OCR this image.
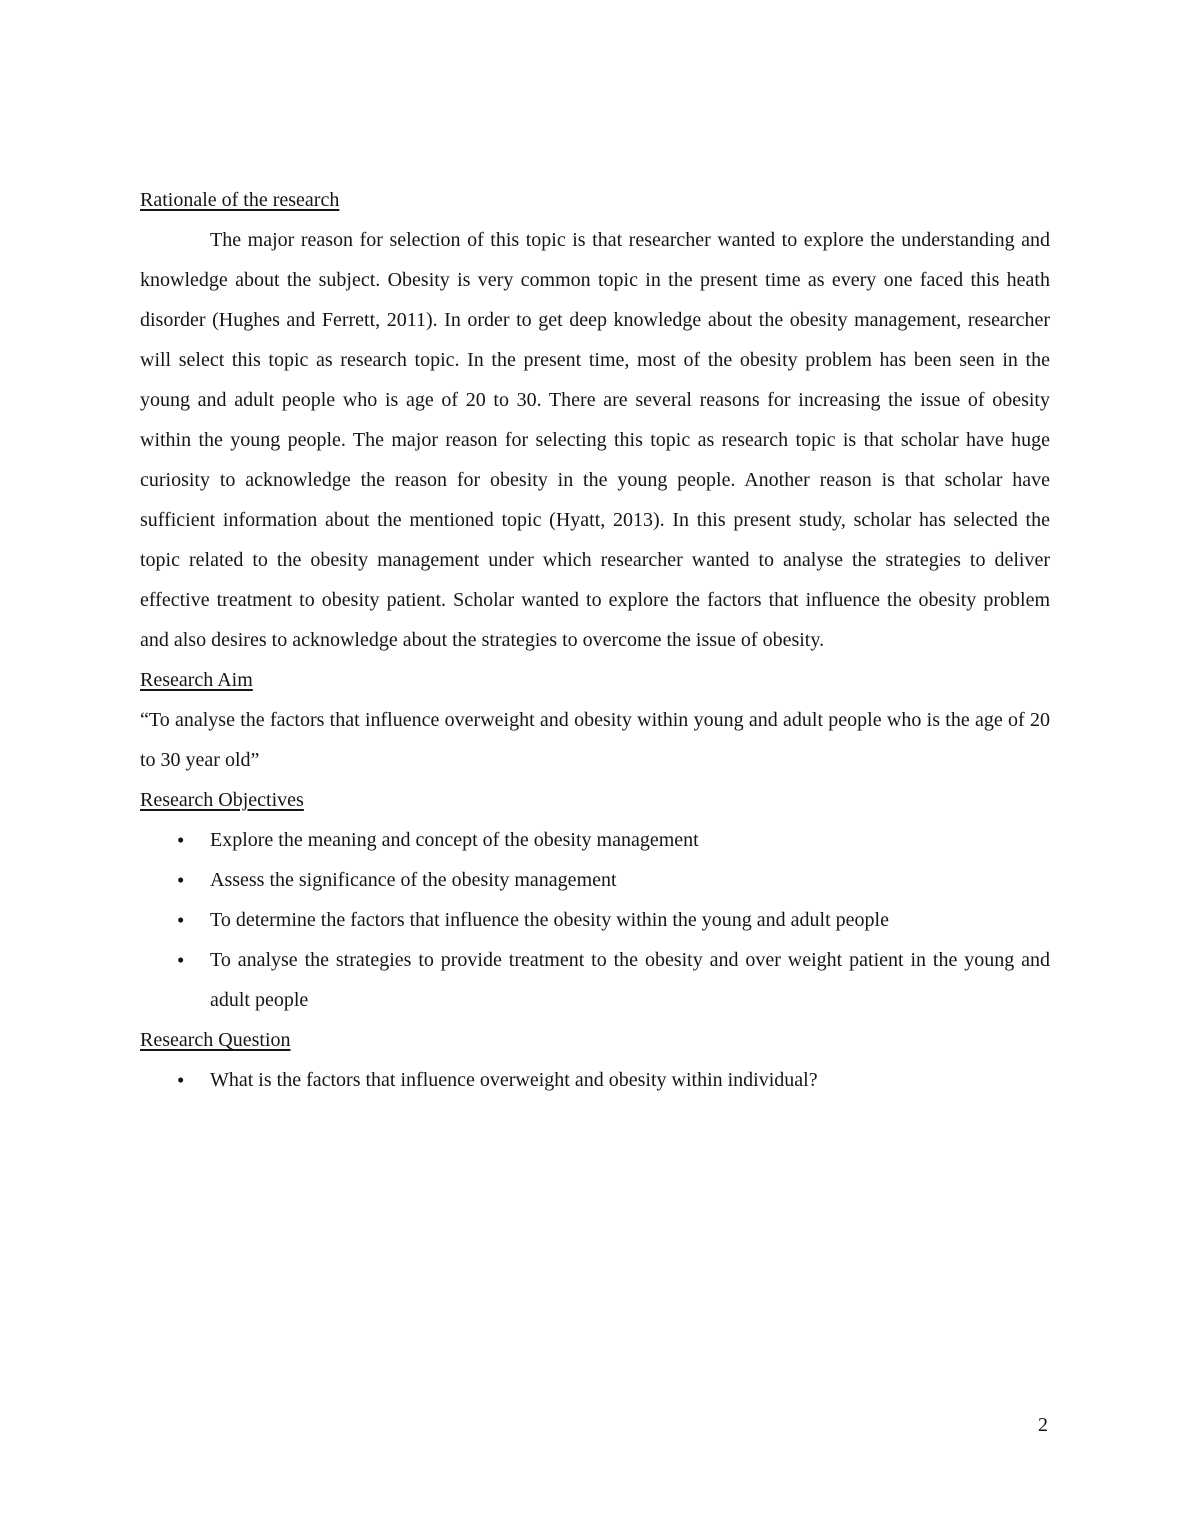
Rationale of the research

The major reason for selection of this topic is that researcher wanted to explore the understanding and knowledge about the subject. Obesity is very common topic in the present time as every one faced this heath disorder (Hughes and Ferrett, 2011). In order to get deep knowledge about the obesity management, researcher will select this topic as research topic. In the present time, most of the obesity problem has been seen in the young and adult people who is age of 20 to 30. There are several reasons for increasing the issue of obesity within the young people. The major reason for selecting this topic as research topic is that scholar have huge curiosity to acknowledge the reason for obesity in the young people. Another reason is that scholar have sufficient information about the mentioned topic (Hyatt, 2013). In this present study, scholar has selected the topic related to the obesity management under which researcher wanted to analyse the strategies to deliver effective treatment to obesity patient. Scholar wanted to explore the factors that influence the obesity problem and also desires to acknowledge about the strategies to overcome the issue of obesity.

Research Aim

“To analyse the factors that influence overweight and obesity within young and adult people who is the age of 20 to 30 year old”

Research Objectives
• Explore the meaning and concept of the obesity management
• Assess the significance of the obesity management
• To determine the factors that influence the obesity within the young and adult people
• To analyse the strategies to provide treatment to the obesity and over weight patient in the young and adult people
Research Question
• What is the factors that influence overweight and obesity within individual?
2
